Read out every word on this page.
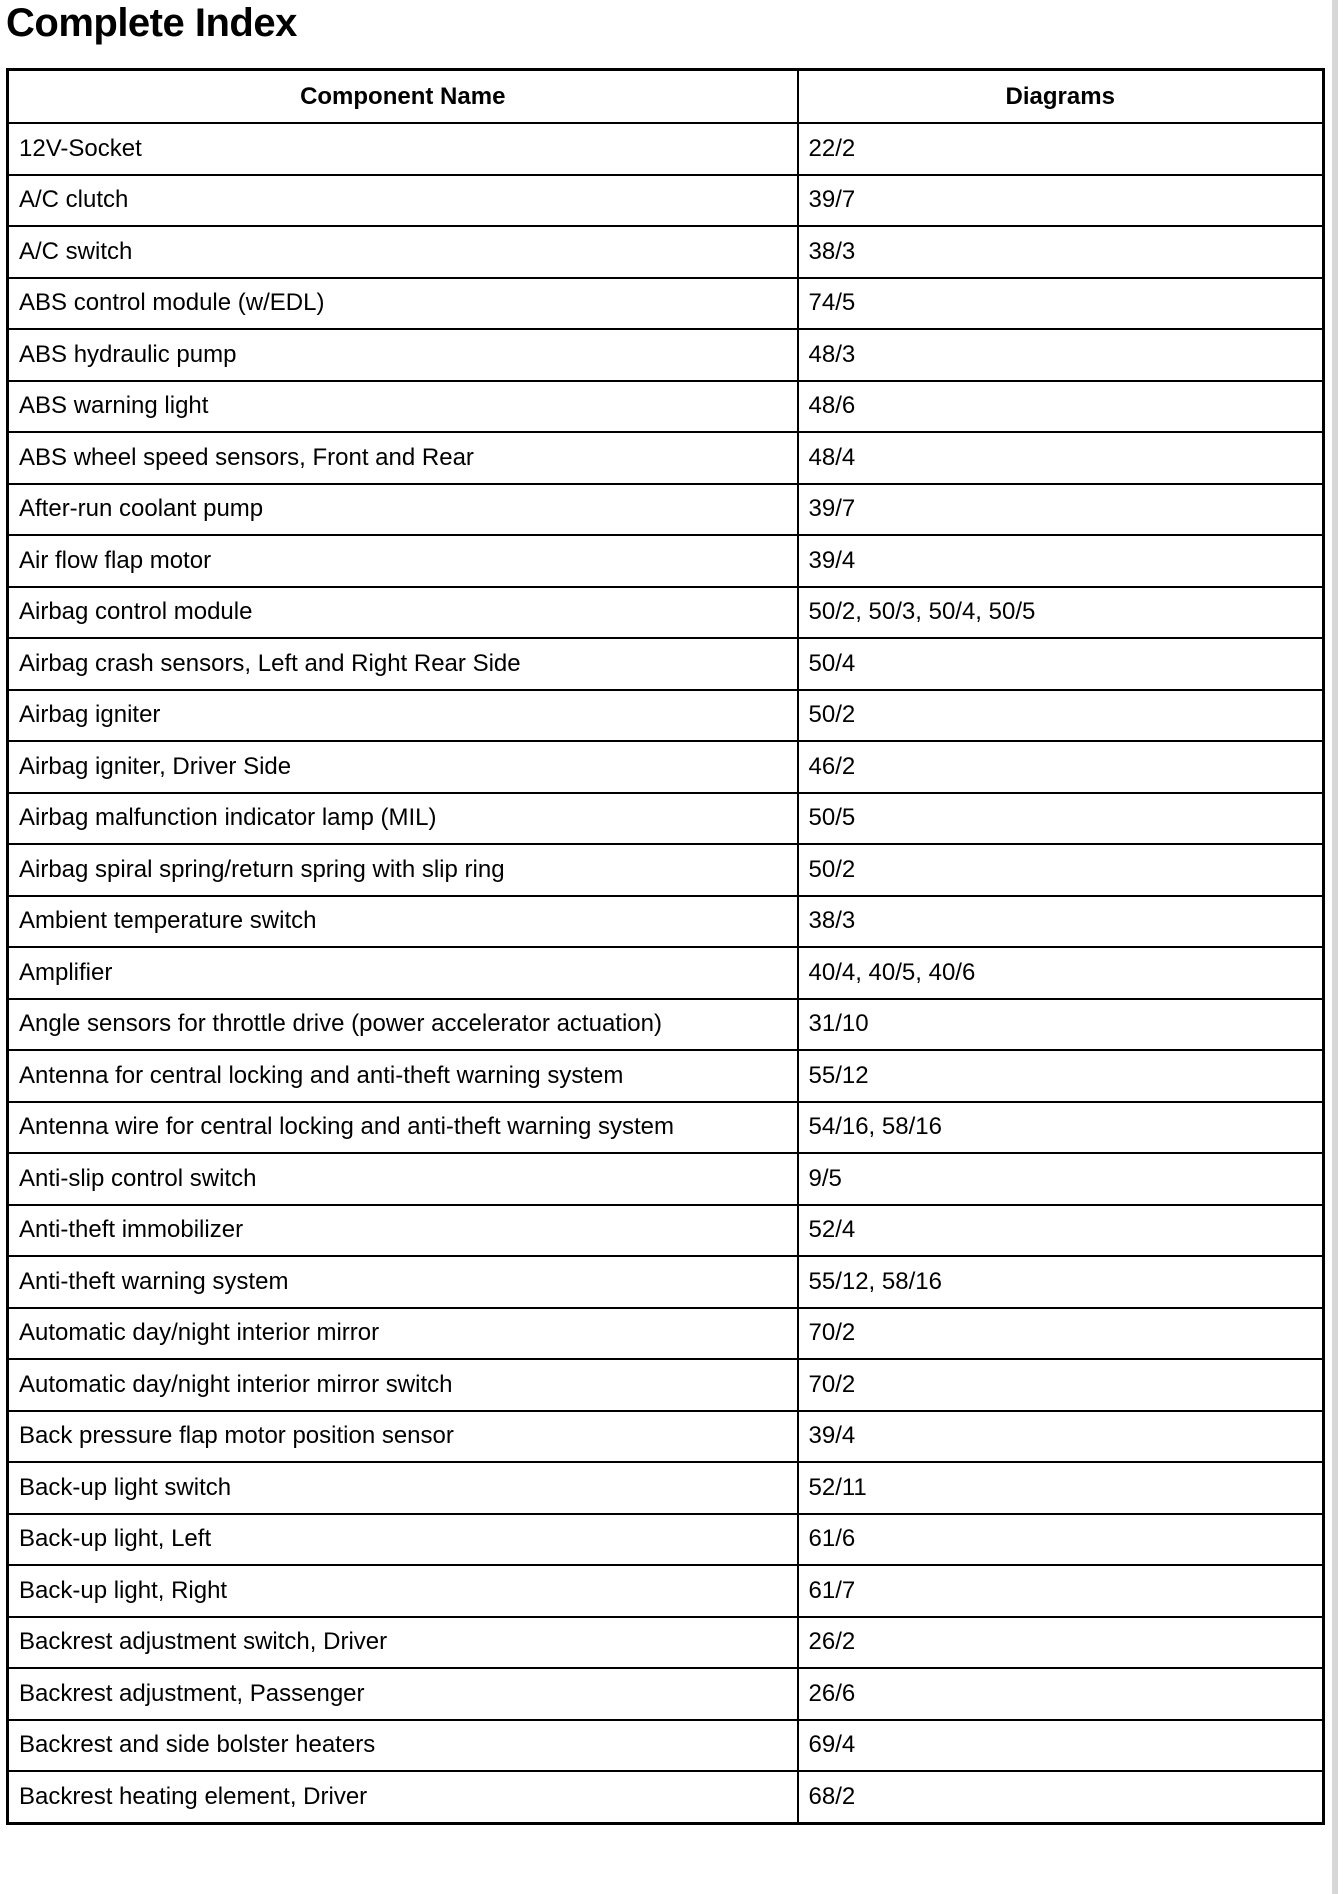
Complete Index
Component Name	Diagrams
12V-Socket	22/2
A/C clutch	39/7
A/C switch	38/3
ABS control module (w/EDL)	74/5
ABS hydraulic pump	48/3
ABS warning light	48/6
ABS wheel speed sensors, Front and Rear	48/4
After-run coolant pump	39/7
Air flow flap motor	39/4
Airbag control module	50/2, 50/3, 50/4, 50/5
Airbag crash sensors, Left and Right Rear Side	50/4
Airbag igniter	50/2
Airbag igniter, Driver Side	46/2
Airbag malfunction indicator lamp (MIL)	50/5
Airbag spiral spring/return spring with slip ring	50/2
Ambient temperature switch	38/3
Amplifier	40/4, 40/5, 40/6
Angle sensors for throttle drive (power accelerator actuation)	31/10
Antenna for central locking and anti-theft warning system	55/12
Antenna wire for central locking and anti-theft warning system	54/16, 58/16
Anti-slip control switch	9/5
Anti-theft immobilizer	52/4
Anti-theft warning system	55/12, 58/16
Automatic day/night interior mirror	70/2
Automatic day/night interior mirror switch	70/2
Back pressure flap motor position sensor	39/4
Back-up light switch	52/11
Back-up light, Left	61/6
Back-up light, Right	61/7
Backrest adjustment switch, Driver	26/2
Backrest adjustment, Passenger	26/6
Backrest and side bolster heaters	69/4
Backrest heating element, Driver	68/2
